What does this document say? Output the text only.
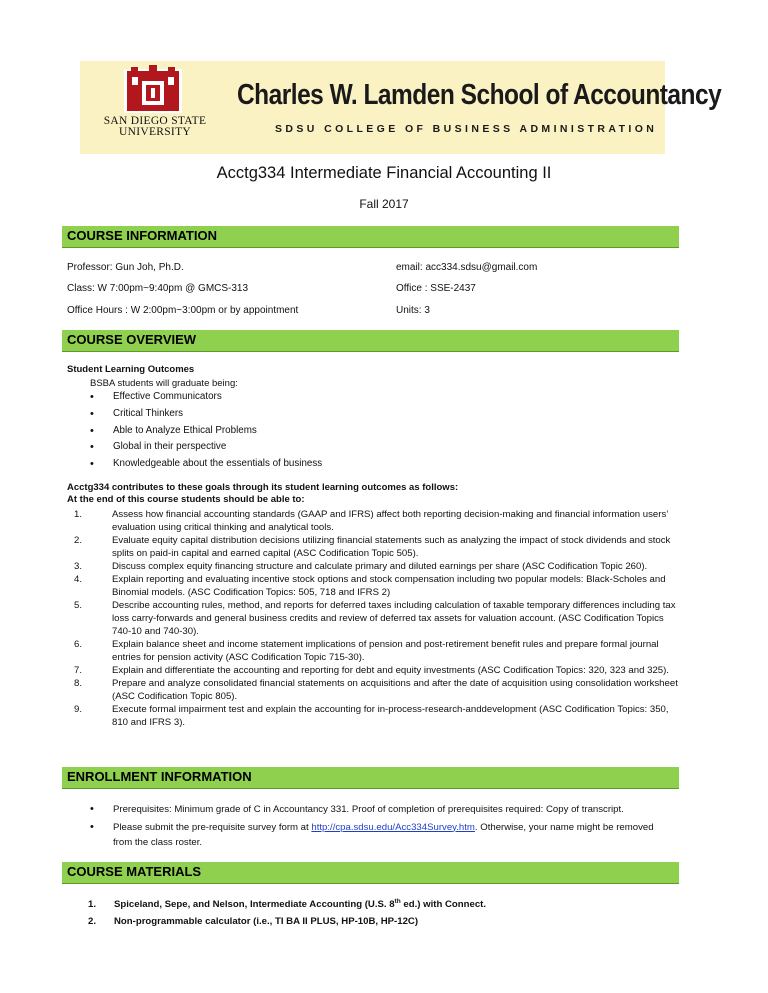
SAN DIEGO STATE
UNIVERSITY
Charles W. Lamden School of Accountancy
SDSU COLLEGE OF BUSINESS ADMINISTRATION
Acctg334 Intermediate Financial Accounting II
Fall 2017
COURSE INFORMATION
Professor: Gun Joh, Ph.D.	email: acc334.sdsu@gmail.com
Class: W 7:00pm~9:40pm @ GMCS-313	Office : SSE-2437
Office Hours : W 2:00pm~3:00pm or by appointment	Units: 3
COURSE OVERVIEW
Student Learning Outcomes
BSBA students will graduate being:
• Effective Communicators
• Critical Thinkers
• Able to Analyze Ethical Problems
• Global in their perspective
• Knowledgeable about the essentials of business
Acctg334 contributes to these goals through its student learning outcomes as follows:
At the end of this course students should be able to:
1.	Assess how financial accounting standards (GAAP and IFRS) affect both reporting decision-making and financial information users’ evaluation using critical thinking and analytical tools.
2.	Evaluate equity capital distribution decisions utilizing financial statements such as analyzing the impact of stock dividends and stock splits on paid-in capital and earned capital (ASC Codification Topic 505).
3.	Discuss complex equity financing structure and calculate primary and diluted earnings per share (ASC Codification Topic 260).
4.	Explain reporting and evaluating incentive stock options and stock compensation including two popular models: Black-Scholes and Binomial models. (ASC Codification Topics: 505, 718 and IFRS 2)
5.	Describe accounting rules, method, and reports for deferred taxes including calculation of taxable temporary differences including tax loss carry-forwards and general business credits and review of deferred tax assets for valuation account. (ASC Codification Topics 740-10 and 740-30).
6.	Explain balance sheet and income statement implications of pension and post-retirement benefit rules and prepare formal journal entries for pension activity (ASC Codification Topic 715-30).
7.	Explain and differentiate the accounting and reporting for debt and equity investments (ASC Codification Topics: 320, 323 and 325).
8.	Prepare and analyze consolidated financial statements on acquisitions and after the date of acquisition using consolidation worksheet (ASC Codification Topic 805).
9.	Execute formal impairment test and explain the accounting for in-process-research-anddevelopment (ASC Codification Topics: 350, 810 and IFRS 3).
ENROLLMENT INFORMATION
• Prerequisites: Minimum grade of C in Accountancy 331. Proof of completion of prerequisites required: Copy of transcript.
• Please submit the pre-requisite survey form at http://cpa.sdsu.edu/Acc334Survey.htm. Otherwise, your name might be removed from the class roster.
COURSE MATERIALS
1. Spiceland, Sepe, and Nelson, Intermediate Accounting (U.S. 8th ed.) with Connect.
2. Non-programmable calculator (i.e., TI BA II PLUS, HP-10B, HP-12C)
